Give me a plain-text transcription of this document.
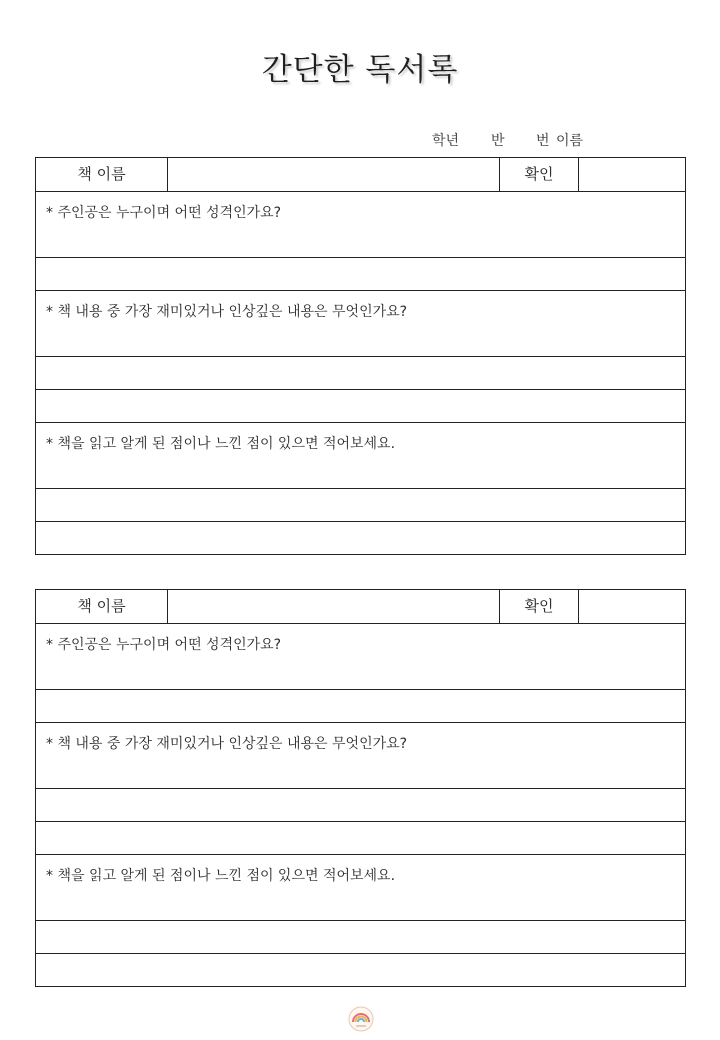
간단한 독서록
학년 반 번 이름
책 이름	확인
* 주인공은 누구이며 어떤 성격인가요?
* 책 내용 중 가장 재미있거나 인상깊은 내용은 무엇인가요?
* 책을 읽고 알게 된 점이나 느낀 점이 있으면 적어보세요.
책 이름	확인
* 주인공은 누구이며 어떤 성격인가요?
* 책 내용 중 가장 재미있거나 인상깊은 내용은 무엇인가요?
* 책을 읽고 알게 된 점이나 느낀 점이 있으면 적어보세요.
